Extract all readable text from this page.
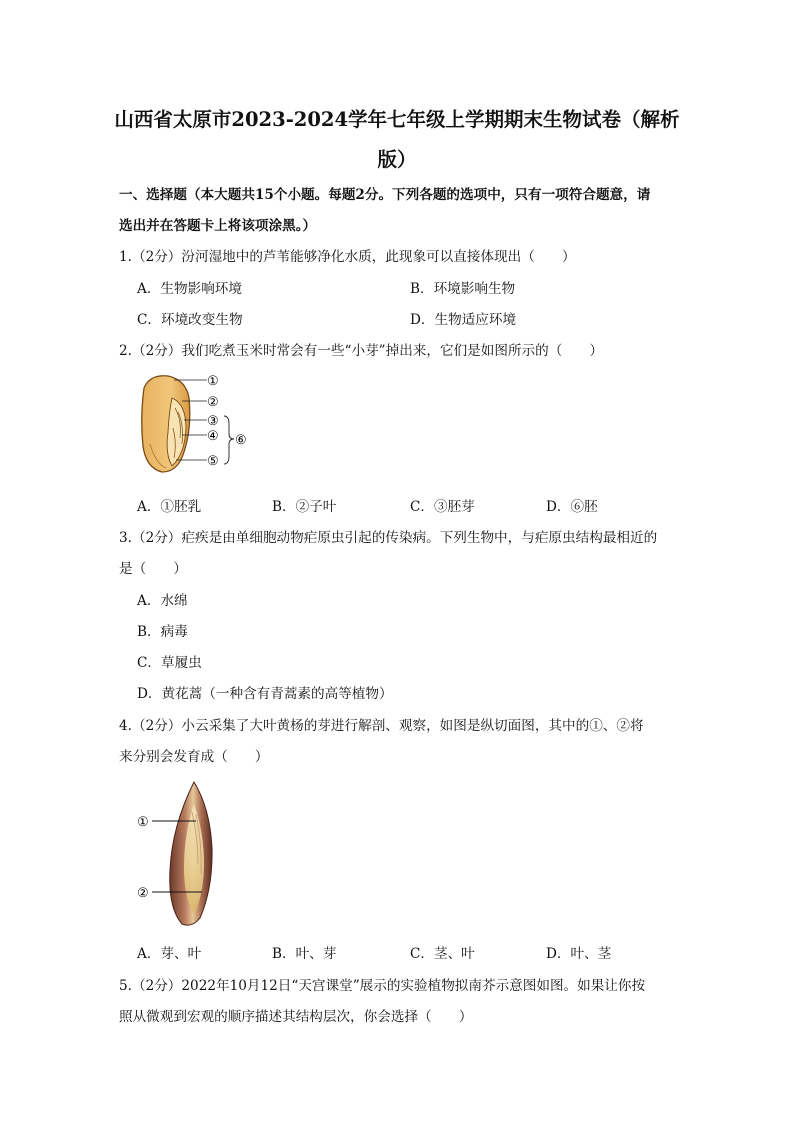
山西省太原市2023-2024学年七年级上学期期末生物试卷（解析
版）
一、选择题（本大题共15个小题。每题2分。下列各题的选项中，只有一项符合题意，请
选出并在答题卡上将该项涂黑。）
1.（2分）汾河湿地中的芦苇能够净化水质，此现象可以直接体现出（　　）
A．生物影响环境	B．环境影响生物
C．环境改变生物	D．生物适应环境
2.（2分）我们吃煮玉米时常会有一些“小芽”掉出来，它们是如图所示的（　　）
①
②
③
④
⑤
⑥
A．①胚乳	B．②子叶	C．③胚芽	D．⑥胚
3.（2分）疟疾是由单细胞动物疟原虫引起的传染病。下列生物中，与疟原虫结构最相近的
是（　　）
A．水绵
B．病毒
C．草履虫
D．黄花蒿（一种含有青蒿素的高等植物）
4.（2分）小云采集了大叶黄杨的芽进行解剖、观察，如图是纵切面图，其中的①、②将
来分别会发育成（　　）
①
②
A．芽、叶	B．叶、芽	C．茎、叶	D．叶、茎
5.（2分）2022年10月12日“天宫课堂”展示的实验植物拟南芥示意图如图。如果让你按
照从微观到宏观的顺序描述其结构层次，你会选择（　　）
